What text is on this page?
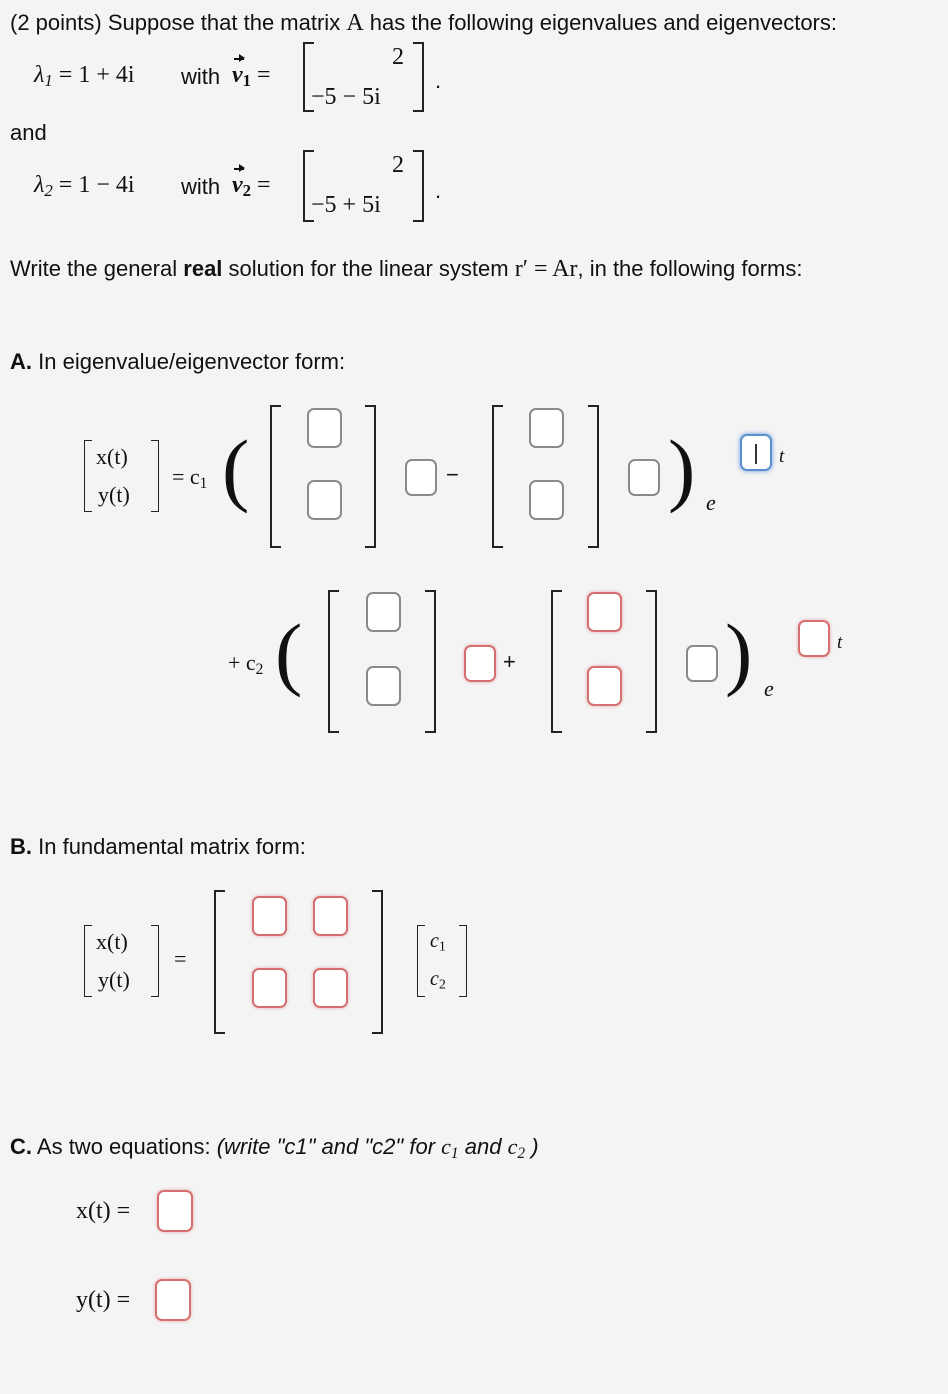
(2 points) Suppose that the matrix A has the following eigenvalues and eigenvectors:
$\lambda_1 = 1 + 4i$ with $v_1$ =
2
−5 − 5i
.
and
$\lambda_2 = 1 - 4i$ with $v_2$ =
2
−5 + 5i
.
Write the general real solution for the linear system r′ = Ar, in the following forms:
A. In eigenvalue/eigenvector form:
x(t)
y(t)
= $c_1$ (	−	) e
t
+ $c_2$ (	+	) e
t
B. In fundamental matrix form:
x(t)
y(t)
=
$c_1$
$c_2$
C. As two equations: (write "c1" and "c2" for $c_1$ and $c_2$ )
x(t) =
y(t) =
